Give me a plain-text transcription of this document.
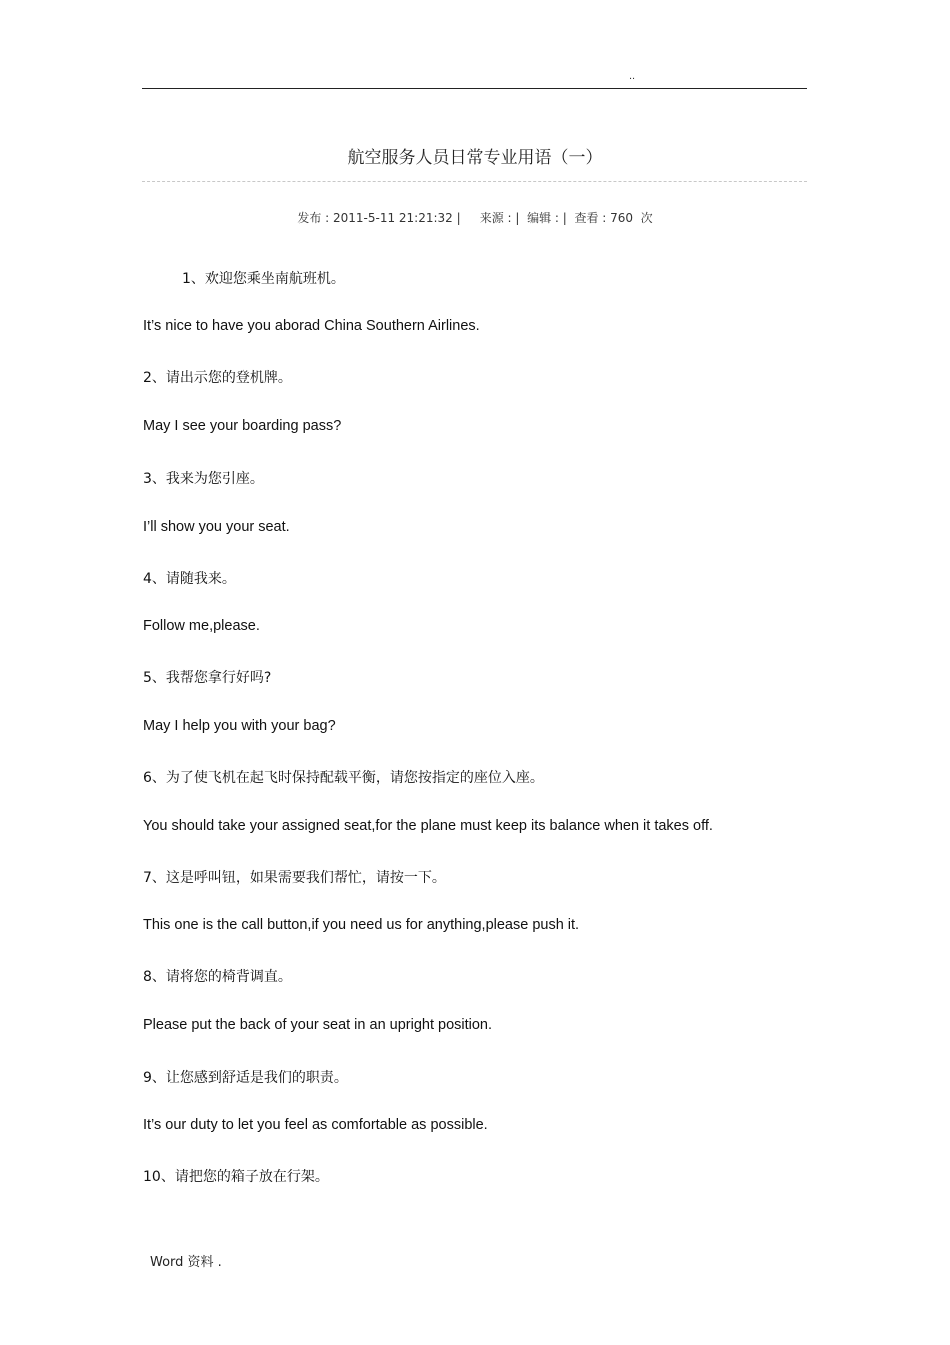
..
航空服务人员日常专业用语（一）
发布 : 2011-5-11 21:21:32 | 来源 : | 编辑 : | 查看 : 760  次
1、欢迎您乘坐南航班机。
It’s nice to have you aborad China Southern Airlines.
2、请出示您的登机牌。
May I see your boarding pass?
3、我来为您引座。
I’ll show you your seat.
4、请随我来。
Follow me,please.
5、我帮您拿行好吗?
May I help you with your bag?
6、为了使飞机在起飞时保持配载平衡，请您按指定的座位入座。
You should take your assigned seat,for the plane must keep its balance when it takes off.
7、这是呼叫钮，如果需要我们帮忙，请按一下。
This one is the call button,if you need us for anything,please push it.
8、请将您的椅背调直。
Please put the back of your seat in an upright position.
9、让您感到舒适是我们的职责。
It’s our duty to let you feel as comfortable as possible.
10、请把您的箱子放在行架。
Word 资料 .
